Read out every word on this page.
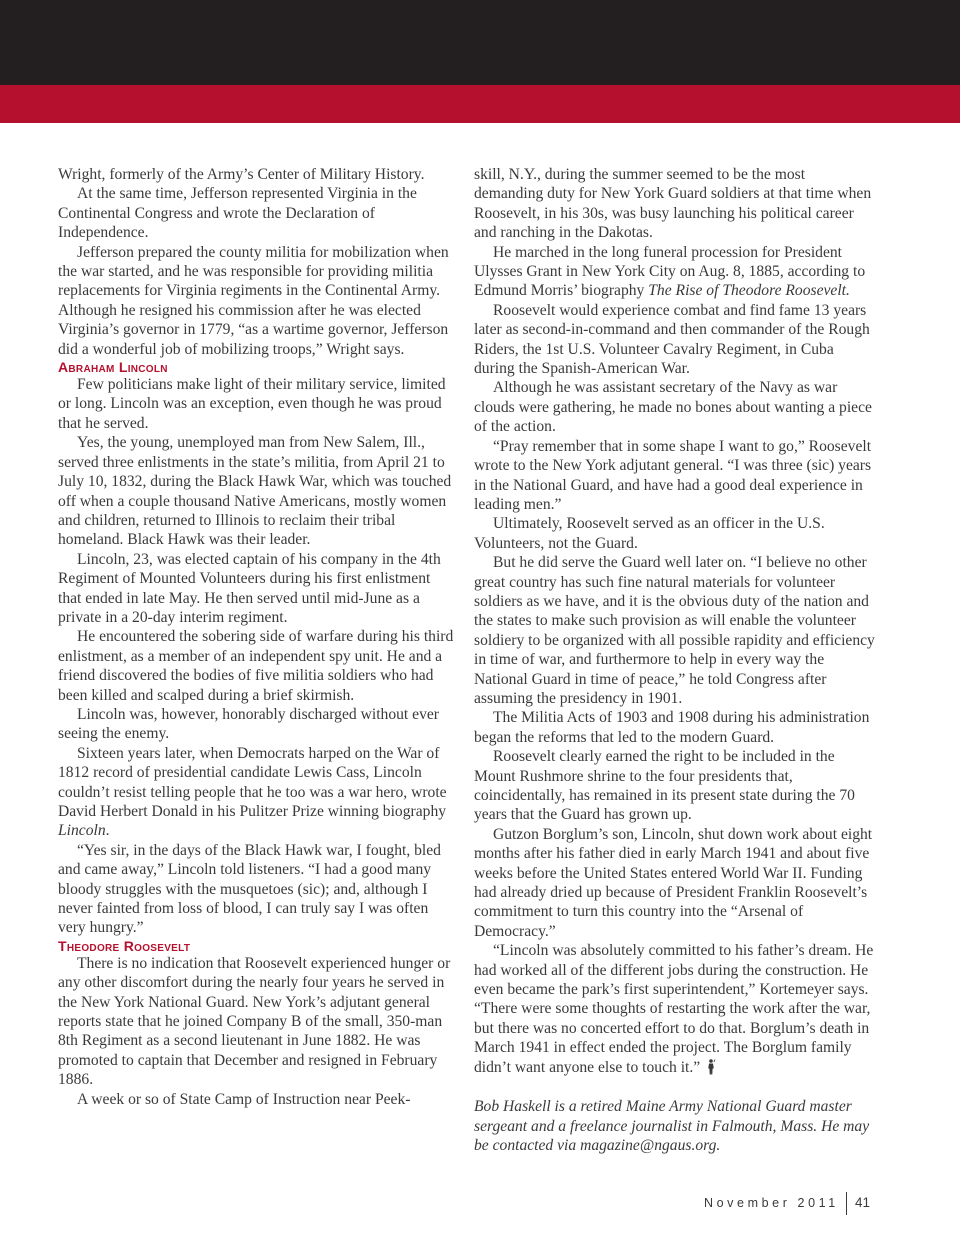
Wright, formerly of the Army’s Center of Military History.

At the same time, Jefferson represented Virginia in the Continental Congress and wrote the Declaration of Independence.

Jefferson prepared the county militia for mobilization when the war started, and he was responsible for providing militia replacements for Virginia regiments in the Continental Army. Although he resigned his commission after he was elected Virginia’s governor in 1779, “as a wartime governor, Jefferson did a wonderful job of mobilizing troops,” Wright says.

Abraham Lincoln

Few politicians make light of their military service, limited or long. Lincoln was an exception, even though he was proud that he served.

Yes, the young, unemployed man from New Salem, Ill., served three enlistments in the state’s militia, from April 21 to July 10, 1832, during the Black Hawk War, which was touched off when a couple thousand Native Americans, mostly women and children, returned to Illinois to reclaim their tribal homeland. Black Hawk was their leader.

Lincoln, 23, was elected captain of his company in the 4th Regiment of Mounted Volunteers during his first enlistment that ended in late May. He then served until mid-June as a private in a 20-day interim regiment.

He encountered the sobering side of warfare during his third enlistment, as a member of an independent spy unit. He and a friend discovered the bodies of five militia soldiers who had been killed and scalped during a brief skirmish.

Lincoln was, however, honorably discharged without ever seeing the enemy.

Sixteen years later, when Democrats harped on the War of 1812 record of presidential candidate Lewis Cass, Lincoln couldn’t resist telling people that he too was a war hero, wrote David Herbert Donald in his Pulitzer Prize winning biography Lincoln.

“Yes sir, in the days of the Black Hawk war, I fought, bled and came away,” Lincoln told listeners. “I had a good many bloody struggles with the musquetoes (sic); and, although I never fainted from loss of blood, I can truly say I was often very hungry.”

Theodore Roosevelt

There is no indication that Roosevelt experienced hunger or any other discomfort during the nearly four years he served in the New York National Guard. New York’s adjutant general reports state that he joined Company B of the small, 350-man 8th Regiment as a second lieutenant in June 1882. He was promoted to captain that December and resigned in February 1886.

A week or so of State Camp of Instruction near Peek-

skill, N.Y., during the summer seemed to be the most demanding duty for New York Guard soldiers at that time when Roosevelt, in his 30s, was busy launching his political career and ranching in the Dakotas.

He marched in the long funeral procession for President Ulysses Grant in New York City on Aug. 8, 1885, according to Edmund Morris’ biography The Rise of Theodore Roosevelt.

Roosevelt would experience combat and find fame 13 years later as second-in-command and then commander of the Rough Riders, the 1st U.S. Volunteer Cavalry Regiment, in Cuba during the Spanish-American War.

Although he was assistant secretary of the Navy as war clouds were gathering, he made no bones about wanting a piece of the action.

“Pray remember that in some shape I want to go,” Roosevelt wrote to the New York adjutant general. “I was three (sic) years in the National Guard, and have had a good deal experience in leading men.”

Ultimately, Roosevelt served as an officer in the U.S. Volunteers, not the Guard.

But he did serve the Guard well later on. “I believe no other great country has such fine natural materials for volunteer soldiers as we have, and it is the obvious duty of the nation and the states to make such provision as will enable the volunteer soldiery to be organized with all possible rapidity and efficiency in time of war, and furthermore to help in every way the National Guard in time of peace,” he told Congress after assuming the presidency in 1901.

The Militia Acts of 1903 and 1908 during his administration began the reforms that led to the modern Guard.

Roosevelt clearly earned the right to be included in the Mount Rushmore shrine to the four presidents that, coincidentally, has remained in its present state during the 70 years that the Guard has grown up.

Gutzon Borglum’s son, Lincoln, shut down work about eight months after his father died in early March 1941 and about five weeks before the United States entered World War II. Funding had already dried up because of President Franklin Roosevelt’s commitment to turn this country into the “Arsenal of Democracy.”

“Lincoln was absolutely committed to his father’s dream. He had worked all of the different jobs during the construction. He even became the park’s first superintendent,” Kortemeyer says. “There were some thoughts of restarting the work after the war, but there was no concerted effort to do that. Borglum’s death in March 1941 in effect ended the project. The Borglum family didn’t want anyone else to touch it.”

Bob Haskell is a retired Maine Army National Guard master sergeant and a freelance journalist in Falmouth, Mass. He may be contacted via magazine@ngaus.org.

November 2011 41
